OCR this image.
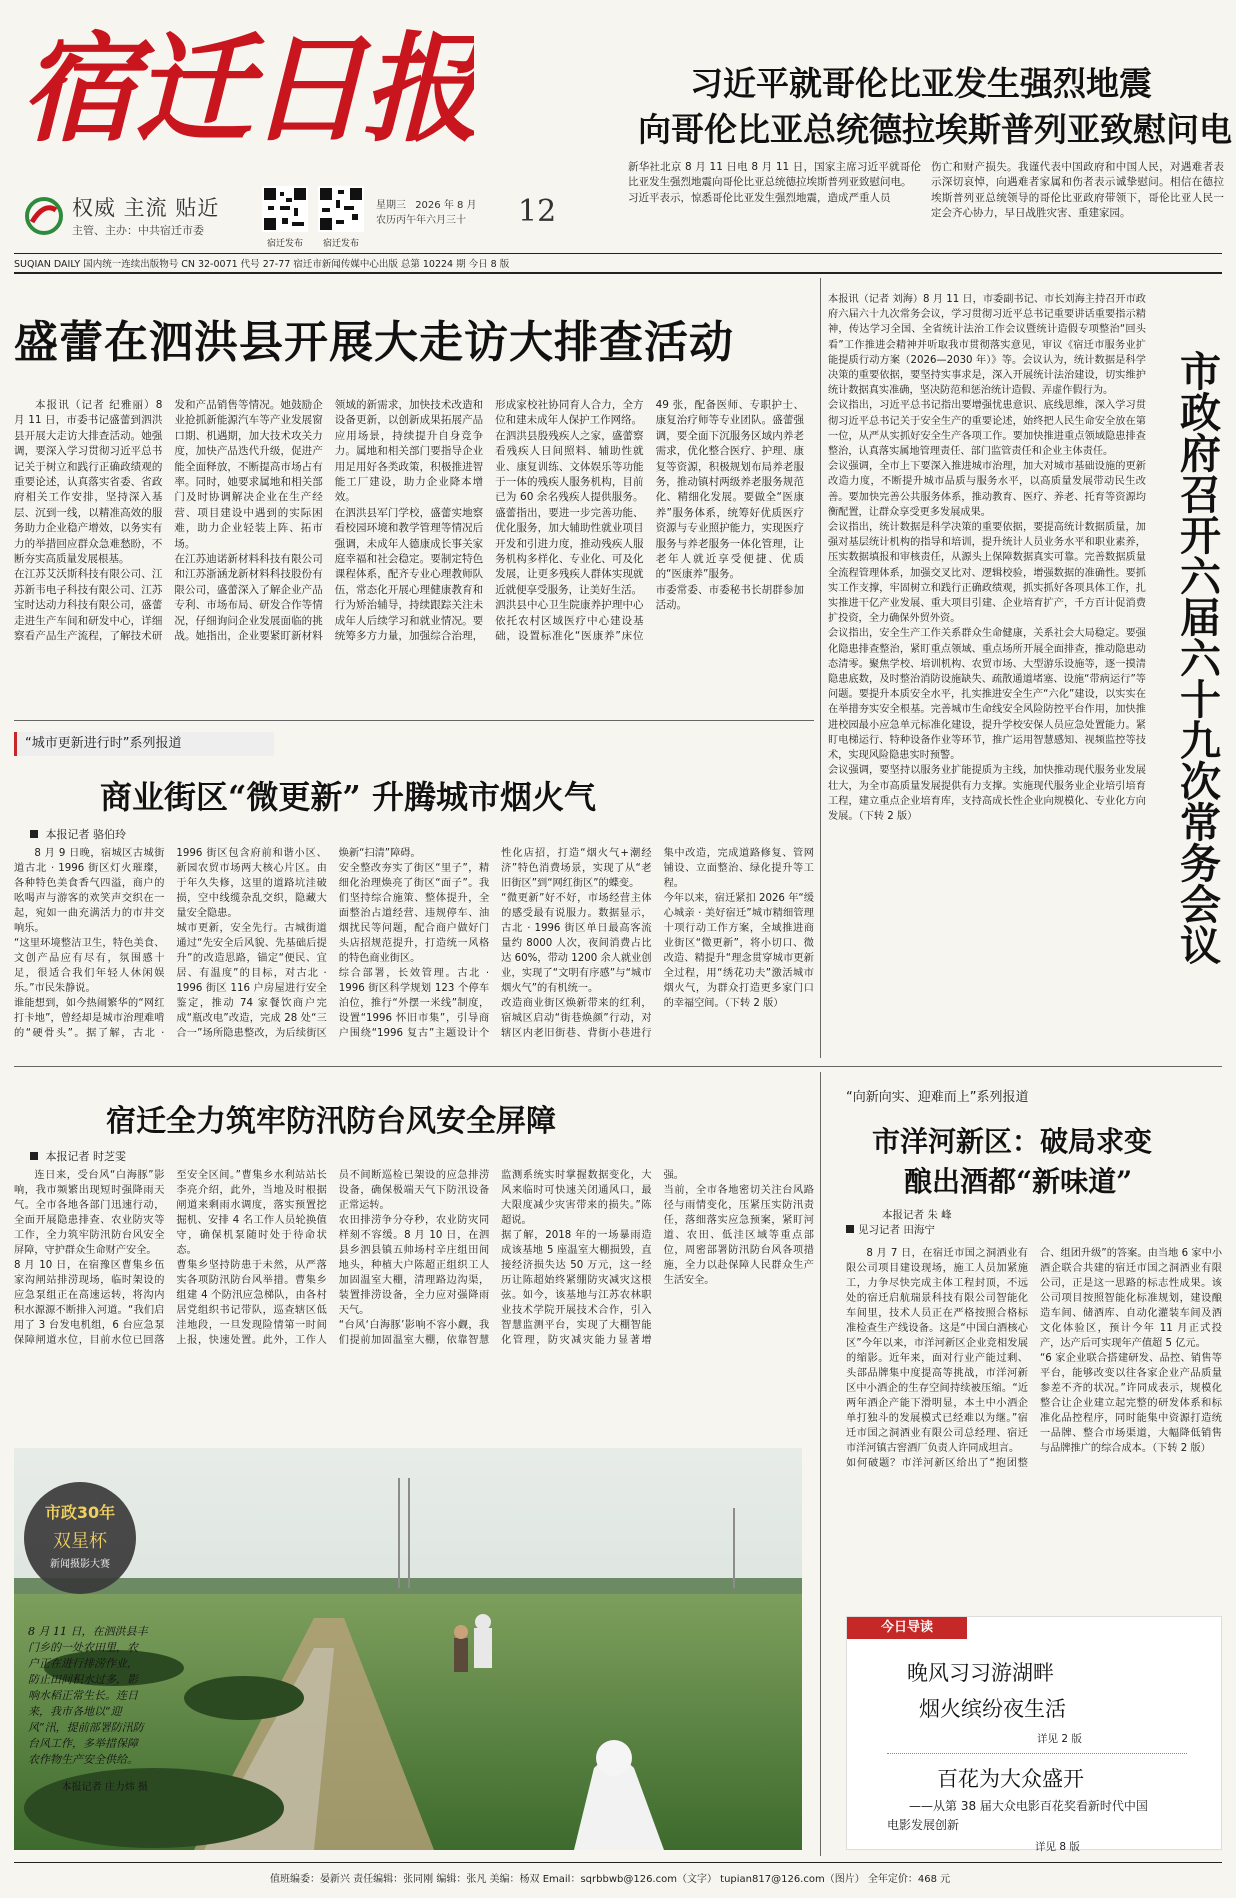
宿迁日报
权威 主流 贴近
主管、主办：中共宿迁市委
宿迁发布	宿迁发布
星期三 2026 年 8 月
农历丙午年六月三十	12
习近平就哥伦比亚发生强烈地震
向哥伦比亚总统德拉埃斯普列亚致慰问电
新华社北京 8 月 11 日电 8 月 11 日，国家主席习近平就哥伦比亚发生强烈地震向哥伦比亚总统德拉埃斯普列亚致慰问电。
习近平表示，惊悉哥伦比亚发生强烈地震，造成严重人员
伤亡和财产损失。我谨代表中国政府和中国人民，对遇难者表示深切哀悼，向遇难者家属和伤者表示诚挚慰问。相信在德拉埃斯普列亚总统领导的哥伦比亚政府带领下，哥伦比亚人民一定会齐心协力，早日战胜灾害、重建家园。
SUQIAN DAILY 国内统一连续出版物号 CN 32-0071 代号 27-77 宿迁市新闻传媒中心出版 总第 10224 期 今日 8 版
盛蕾在泗洪县开展大走访大排查活动
本报讯（记者 纪雅丽）8 月 11 日，市委书记盛蕾到泗洪县开展大走访大排查活动。她强调，要深入学习贯彻习近平总书记关于树立和践行正确政绩观的重要论述，认真落实省委、省政府相关工作安排，坚持深入基层、沉到一线，以精准高效的服务助力企业稳产增效，以务实有力的举措回应群众急难愁盼，不断夯实高质量发展根基。
在江苏艾沃斯科技有限公司、江苏新韦电子科技有限公司、江苏宝时达动力科技有限公司，盛蕾走进生产车间和研发中心，详细察看产品生产流程，了解技术研发和产品销售等情况。她鼓励企业抢抓新能源汽车等产业发展窗口期、机遇期，加大技术攻关力度，加快产品迭代升级，促进产能全面释放，不断提高市场占有率。同时，她要求属地和相关部门及时协调解决企业在生产经营、项目建设中遇到的实际困难，助力企业轻装上阵、拓市场。
在江苏迪诺新材料科技有限公司和江苏浙涵龙新材料科技股份有限公司，盛蕾深入了解企业产品专利、市场布局、研发合作等情况，仔细询问企业发展面临的挑战。她指出，企业要紧盯新材料领域的新需求，加快技术改造和设备更新，以创新成果拓展产品应用场景，持续提升自身竞争力。属地和相关部门要指导企业用足用好各类政策，积极推进智能工厂建设，助力企业降本增效。
在泗洪县军门学校，盛蕾实地察看校园环境和教学管理等情况后强调，未成年人德康成长事关家庭幸福和社会稳定。要制定特色课程体系，配齐专业心理教师队伍，常态化开展心理健康教育和行为矫治辅导，持续跟踪关注未成年人后续学习和就业情况。要统筹多方力量，加强综合治理，形成家校社协同育人合力，全方位和建未成年人保护工作网络。
在泗洪县殷残疾人之家，盛蕾察看残疾人日间照料、辅助性就业、康复训练、文体娱乐等功能于一体的残疾人服务机构，目前已为 60 余名残疾人提供服务。盛蕾指出，要进一步完善功能、优化服务，加大辅助性就业项目开发和引进力度，推动残疾人服务机构多样化、专业化、可及化发展，让更多残疾人群体实现就近就便享受服务，让美好生活。
泗洪县中心卫生院康养护理中心依托农村区域医疗中心建设基础，设置标准化“医康养”床位 49 张，配备医师、专职护士、康复治疗师等专业团队。盛蕾强调，要全面下沉服务区域内养老需求，优化整合医疗、护理、康复等资源，积极规划布局养老服务，推动镇村两级养老服务规范化、精细化发展。要做全“医康养”服务体系，统筹好优质医疗资源与专业照护能力，实现医疗服务与养老服务一体化管理，让老年人就近享受便捷、优质的“医康养”服务。
市委常委、市委秘书长胡群参加活动。
本报讯（记者 刘海）8 月 11 日，市委副书记、市长刘海主持召开市政府六届六十九次常务会议，学习贯彻习近平总书记重要讲话重要指示精神，传达学习全国、全省统计法治工作会议暨统计造假专项整治“回头看”工作推进会精神并听取我市贯彻落实意见，审议《宿迁市服务业扩能提质行动方案（2026—2030 年）》等。会议认为，统计数据是科学决策的重要依据，要坚持实事求是，深入开展统计法治建设，切实维护统计数据真实准确，坚决防范和惩治统计造假、弄虚作假行为。
会议指出，习近平总书记指出要增强忧患意识、底线思维，深入学习贯彻习近平总书记关于安全生产的重要论述，始终把人民生命安全放在第一位，从严从实抓好安全生产各项工作。要加快推进重点领域隐患排查整治，认真落实属地管理责任、部门监管责任和企业主体责任。
会议强调，全市上下要深入推进城市治理，加大对城市基础设施的更新改造力度，不断提升城市品质与服务水平，以高质量发展带动民生改善。要加快完善公共服务体系，推动教育、医疗、养老、托育等资源均衡配置，让群众享受更多发展成果。
会议指出，统计数据是科学决策的重要依据，要提高统计数据质量，加强对基层统计机构的指导和培训，提升统计人员业务水平和职业素养，压实数据填报和审核责任，从源头上保障数据真实可靠。完善数据质量全流程管理体系，加强交叉比对、逻辑校验，增强数据的准确性。要抓实工作支撑，牢固树立和践行正确政绩观，抓实抓好各项具体工作，扎实推进干亿产业发展、重大项目引建、企业培育扩产，千方百计促消费扩投资，全力确保外贸外资。
会议指出，安全生产工作关系群众生命健康，关系社会大局稳定。要强化隐患排查整治，紧盯重点领域、重点场所开展全面排查，推动隐患动态清零。聚焦学校、培训机构、农贸市场、大型游乐设施等，逐一摸清隐患底数，及时整治消防设施缺失、疏散通道堵塞、设施“带病运行”等问题。要提升本质安全水平，扎实推进安全生产“六化”建设，以实实在在举措夯实安全根基。完善城市生命线安全风险防控平台作用，加快推进校园最小应急单元标准化建设，提升学校安保人员应急处置能力。紧盯电梯运行、特种设备作业等环节，推广运用智慧感知、视频监控等技术，实现风险隐患实时预警。
会议强调，要坚持以服务业扩能提质为主线，加快推动现代服务业发展壮大，为全市高质量发展提供有力支撑。实施现代服务业企业培引培育工程，建立重点企业培育库，支持高成长性企业向规模化、专业化方向发展。（下转 2 版）	市政府召开六届六十九次常务会议
“城市更新进行时”系列报道
商业街区“微更新” 升腾城市烟火气
本报记者 骆伯玲
8 月 9 日晚，宿城区古城街道古北 · 1996 街区灯火璀璨，各种特色美食香气四溢，商户的吆喝声与游客的欢笑声交织在一起，宛如一曲充满活力的市井交响乐。
“这里环境整洁卫生，特色美食、文创产品应有尽有，氛围感十足，很适合我们年轻人休闲娱乐。”市民朱静说。
谁能想到，如今热闹繁华的“网红打卡地”，曾经却是城市治理难啃的“硬骨头”。据了解，古北 · 1996 街区包含府前和谐小区、新园农贸市场两大核心片区。由于年久失修，这里的道路坑洼破损，空中线缆杂乱交织，隐藏大量安全隐患。
城市更新，安全先行。古城街道通过“先安全后风貌、先基础后提升”的改造思路，锚定“便民、宜居、有温度”的目标，对古北 · 1996 街区 116 户房屋进行安全鉴定，推动 74 家餐饮商户完成“瓶改电”改造，完成 28 处“三合一”场所隐患整改，为后续街区焕新“扫清”障碍。
安全整改夯实了街区“里子”，精细化治理焕亮了街区“面子”。我们坚持综合施策、整体提升，全面整治占道经营、违规停车、油烟扰民等问题，配合商户做好门头店招规范提升，打造统一风格的特色商业街区。
综合部署，长效管理。古北 · 1996 街区科学规划 123 个停车泊位，推行“外摆一米线”制度，设置“1996 怀旧市集”，引导商户围绕“1996 复古”主题设计个性化店招，打造“烟火气+潮经济”特色消费场景，实现了从“老旧街区”到“网红街区”的蝶变。
“微更新”好不好，市场经营主体的感受最有说服力。数据显示，古北 · 1996 街区单日最高客流量约 8000 人次，夜间消费占比达 60%，带动 1200 余人就业创业，实现了“文明有序感”与“城市烟火气”的有机统一。
改造商业街区焕新带来的红利，宿城区启动“街巷焕颜”行动，对辖区内老旧街巷、背街小巷进行集中改造，完成道路修复、管网铺设、立面整治、绿化提升等工程。
今年以来，宿迁紧扣 2026 年“缓心城亲 · 美好宿迁”城市精细管理十项行动工作方案，全域推进商业街区“微更新”，将小切口、微改造、精提升“理念贯穿城市更新全过程，用“绣花功夫”激活城市烟火气，为群众打造更多家门口的幸福空间。（下转 2 版）
宿迁全力筑牢防汛防台风安全屏障
本报记者 时芝雯
连日来，受台风“白海豚”影响，我市频繁出现短时强降雨天气。全市各地各部门迅速行动，全面开展隐患排查、农业防灾等工作，全力筑牢防汛防台风安全屏障，守护群众生命财产安全。
8 月 10 日，在宿豫区曹集乡伍家沟闸站排涝现场，临时架设的应急泵组正在高速运转，将沟内积水源源不断排入河道。“我们启用了 3 台发电机组，6 台应急泵保障闸道水位，目前水位已回落至安全区间。”曹集乡水利站站长李亮介绍，此外，当地及时根据闸道来剩雨水调度，落实预置挖掘机、安排 4 名工作人员轮换值守，确保机泵随时处于待命状态。
曹集乡坚持防患于未然，从严落实各项防汛防台风举措。曹集乡组建 4 个防汛应急梯队，由各村居党组织书记带队，巡查辖区低洼地段，一旦发现险情第一时间上报，快速处置。此外，工作人员不间断巡检已架设的应急排涝设备，确保极端天气下防汛设备正常运转。
农田排涝争分夺秒，农业防灾同样刻不容缓。8 月 10 日，在泗县乡泗县镇五帅场村辛庄组田间地头，种植大户陈超正组织工人加固温室大棚，清理路边沟渠，装置排涝设备，全力应对强降雨天气。
“台风‘白海豚’影响不容小觑，我们提前加固温室大棚，依靠智慧监测系统实时掌握数据变化，大风来临时可快速关闭通风口，最大限度减少灾害带来的损失。”陈超说。
据了解，2018 年的一场暴雨造成该基地 5 座温室大棚损毁，直接经济损失达 50 万元，这一经历让陈超始终紧绷防灾减灾这根弦。如今，该基地与江苏农林职业技术学院开展技术合作，引入智慧监测平台，实现了大棚智能化管理，防灾减灾能力显著增强。
当前，全市各地密切关注台风路径与雨情变化，压紧压实防汛责任，落细落实应急预案，紧盯河道、农田、低洼区域等重点部位，周密部署防汛防台风各项措施，全力以赴保障人民群众生产生活安全。
市政30年
双星杯
新闻摄影大赛
8 月 11 日，在泗洪县丰门乡的一处农田里，农户正在进行排涝作业，防止田间积水过多，影响水稻正常生长。连日来，我市各地以“迎风”汛，提前部署防汛防台风工作，多举措保障农作物生产安全供给。
本报记者 庄力炜 摄
“向新向实、迎难而上”系列报道
市洋河新区：破局求变
酿出酒都“新味道”
本报记者 朱 峰
见习记者 田海宁
8 月 7 日，在宿迁市国之洞酒业有限公司项目建设现场，施工人员加紧施工，力争尽快完成主体工程封顶，不远处的宿迁启航瑞景科技有限公司智能化车间里，技术人员正在严格按照合格标准检查生产线设备。这是“中国白酒核心区”今年以来，市洋河新区企业竞相发展的缩影。近年来，面对行业产能过剩、头部品牌集中度提高等挑战，市洋河新区中小酒企的生存空间持续被压缩。“近两年酒企产能下滑明显，本土中小酒企单打独斗的发展模式已经难以为继。”宿迁市国之洞酒业有限公司总经理、宿迁市洋河镇古窖酒厂负责人许同成坦言。
如何破题？市洋河新区给出了“抱团整合、组团升级”的答案。由当地 6 家中小酒企联合共建的宿迁市国之洞酒业有限公司，正是这一思路的标志性成果。该公司项目按照智能化标准规划，建设酿造车间、储酒库、自动化灌装车间及酒文化体验区，预计今年 11 月正式投产，达产后可实现年产值超 5 亿元。
“6 家企业联合搭建研发、品控、销售等平台，能够改变以往各家企业产品质量参差不齐的状况。”许同成表示，规模化整合让企业建立起完整的研发体系和标准化品控程序，同时能集中资源打造统一品牌、整合市场渠道，大幅降低销售与品牌推广的综合成本。（下转 2 版）
今日导读
晚风习习游湖畔
烟火缤纷夜生活
详见 2 版
百花为大众盛开
——从第 38 届大众电影百花奖看新时代中国
电影发展创新
详见 8 版
值班编委：晏新兴 责任编辑：张同刚 编辑：张凡 美编：杨双 Email：sqrbbwb@126.com（文字） tupian817@126.com（图片） 全年定价：468 元
